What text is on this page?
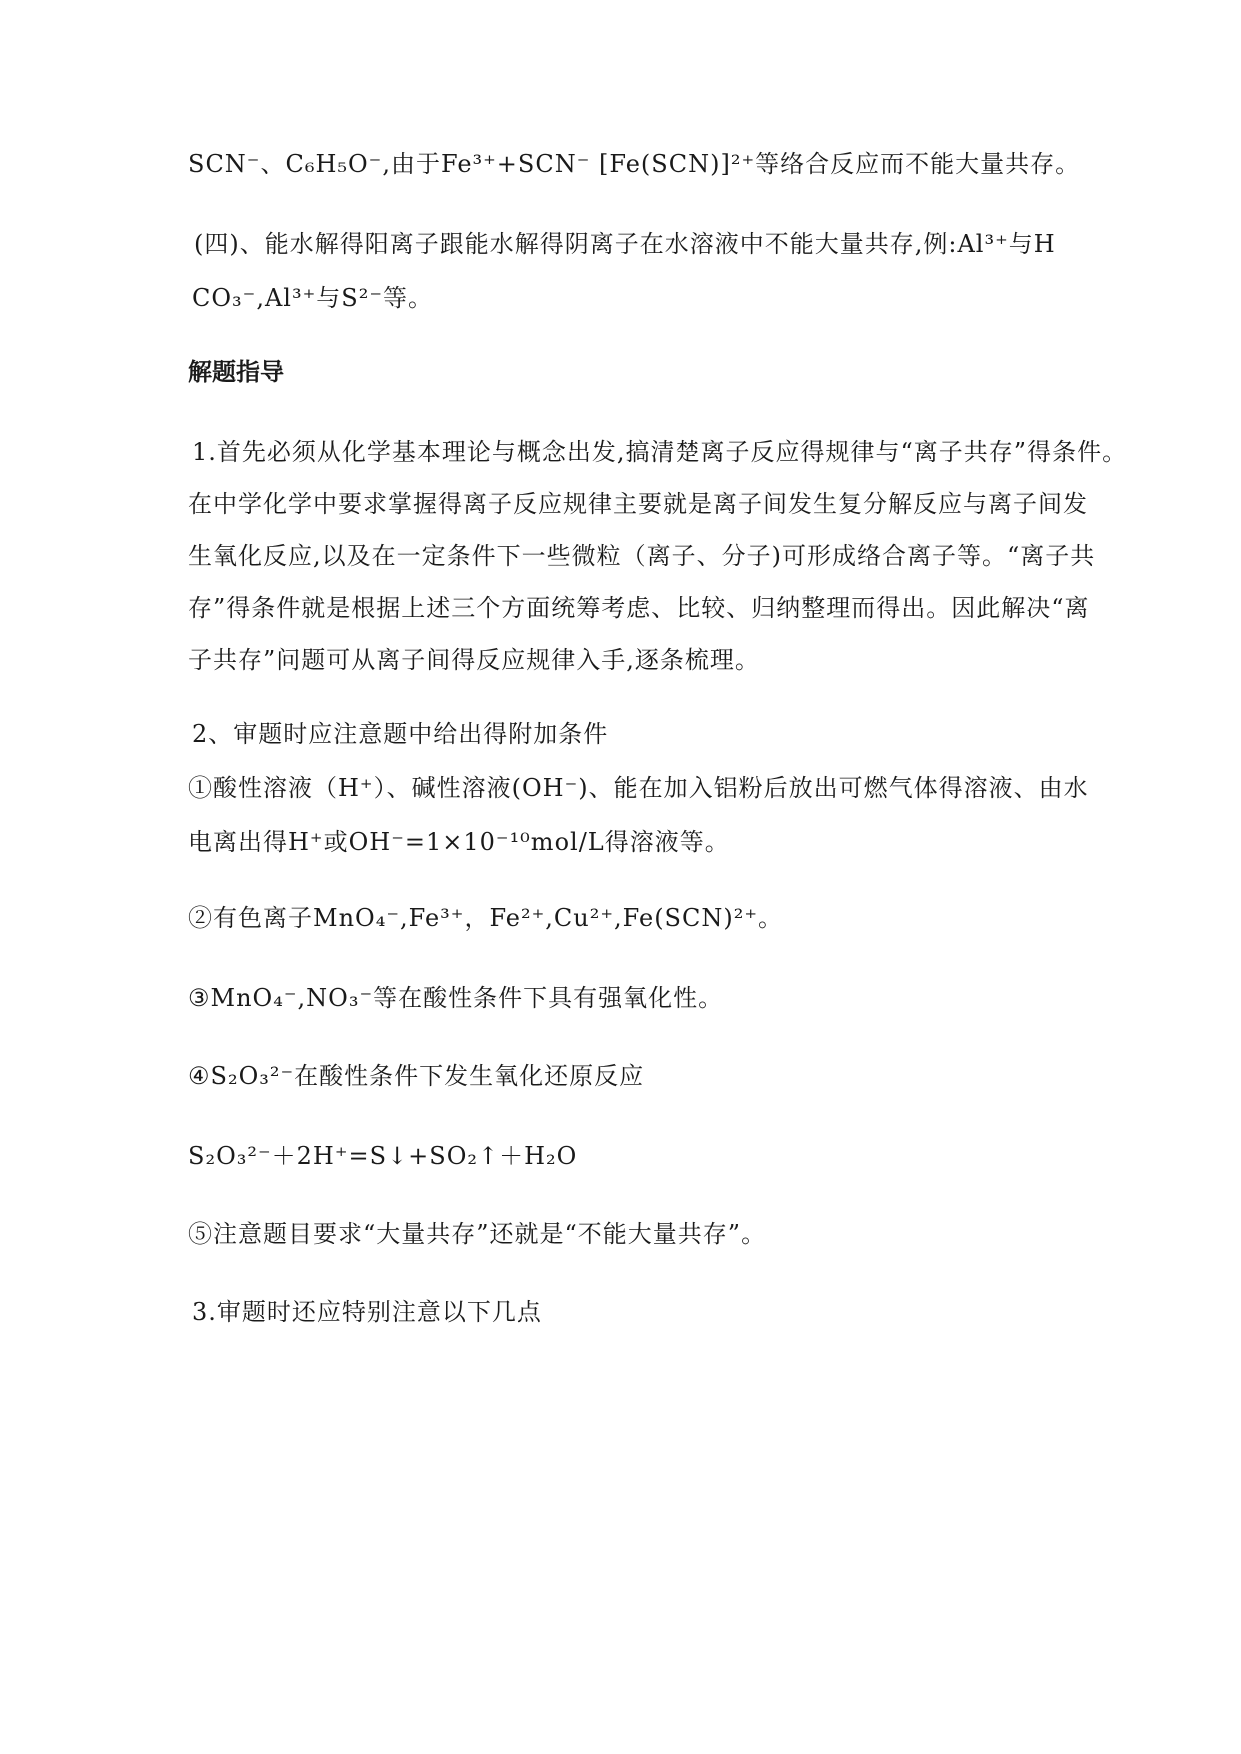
SCN⁻、C₆H₅O⁻,由于Fe³⁺+SCN⁻ [Fe(SCN)]²⁺等络合反应而不能大量共存。
(四)、能水解得阳离子跟能水解得阴离子在水溶液中不能大量共存,例:Al³⁺与H
CO₃⁻,Al³⁺与S²⁻等。
解题指导
1.首先必须从化学基本理论与概念出发,搞清楚离子反应得规律与“离子共存”得条件。
在中学化学中要求掌握得离子反应规律主要就是离子间发生复分解反应与离子间发
生氧化反应,以及在一定条件下一些微粒（离子、分子)可形成络合离子等。“离子共
存”得条件就是根据上述三个方面统筹考虑、比较、归纳整理而得出。因此解决“离
子共存”问题可从离子间得反应规律入手,逐条梳理。
2、审题时应注意题中给出得附加条件
①酸性溶液（H⁺）、碱性溶液(OH⁻)、能在加入铝粉后放出可燃气体得溶液、由水
电离出得H⁺或OH⁻=1×10⁻¹⁰mol/L得溶液等。
②有色离子MnO₄⁻,Fe³⁺，Fe²⁺,Cu²⁺,Fe(SCN)²⁺。
③MnO₄⁻,NO₃⁻等在酸性条件下具有强氧化性。
④S₂O₃²⁻在酸性条件下发生氧化还原反应
S₂O₃²⁻＋2H⁺=S↓+SO₂↑＋H₂O
⑤注意题目要求“大量共存”还就是“不能大量共存”。
3.审题时还应特别注意以下几点
